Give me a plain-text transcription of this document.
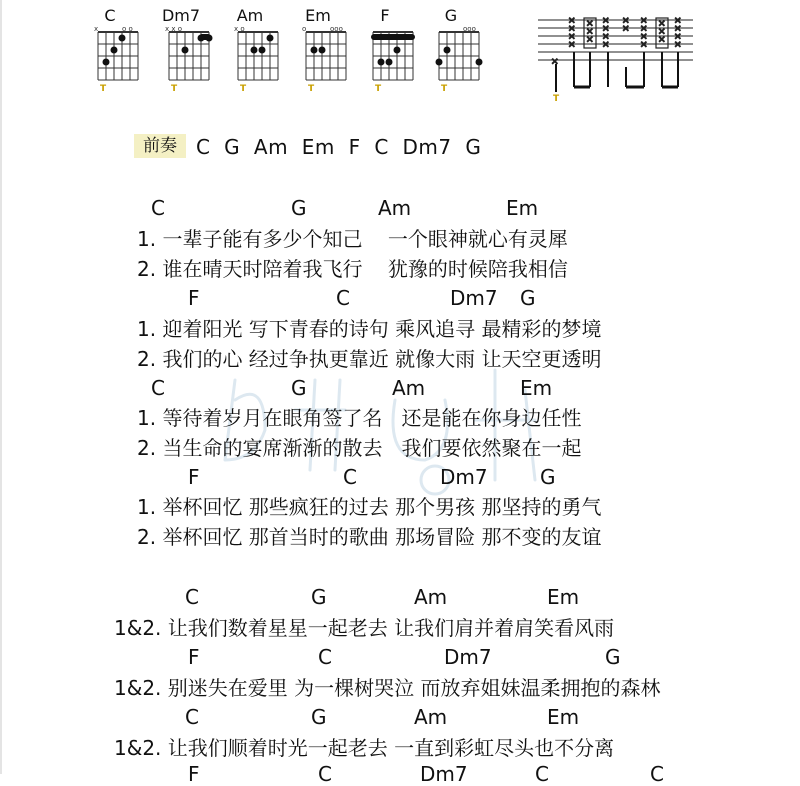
C
x	o o
T
Dm7
x x o
T
Am
x o
T
Em
o	ooo
T
F
T
G
ooo
T
×
×
×
×
×
×
×
×
×
×
×
×
×
×
×
×
×
×
×
×
×
×
×
×
×
T
前奏 C  G  Am  Em  F  C  Dm7  G
C	G	Am	Em
1. 一辈子能有多少个知己    一个眼神就心有灵犀
2. 谁在晴天时陪着我飞行    犹豫的时候陪我相信
F	C	Dm7 G
1. 迎着阳光 写下青春的诗句 乘风追寻 最精彩的梦境
2. 我们的心 经过争执更靠近 就像大雨 让天空更透明
C	G	Am	Em
1. 等待着岁月在眼角签了名   还是能在你身边任性
2. 当生命的宴席渐渐的散去   我们要依然聚在一起
F	C	Dm7	G
1. 举杯回忆 那些疯狂的过去 那个男孩 那坚持的勇气
2. 举杯回忆 那首当时的歌曲 那场冒险 那不变的友谊
C	G	Am	Em
1&2. 让我们数着星星一起老去 让我们肩并着肩笑看风雨
F	C	Dm7	G
1&2. 别迷失在爱里 为一棵树哭泣 而放弃姐妹温柔拥抱的森林
C	G	Am	Em
1&2. 让我们顺着时光一起老去 一直到彩虹尽头也不分离
F	C	Dm7	C	C
